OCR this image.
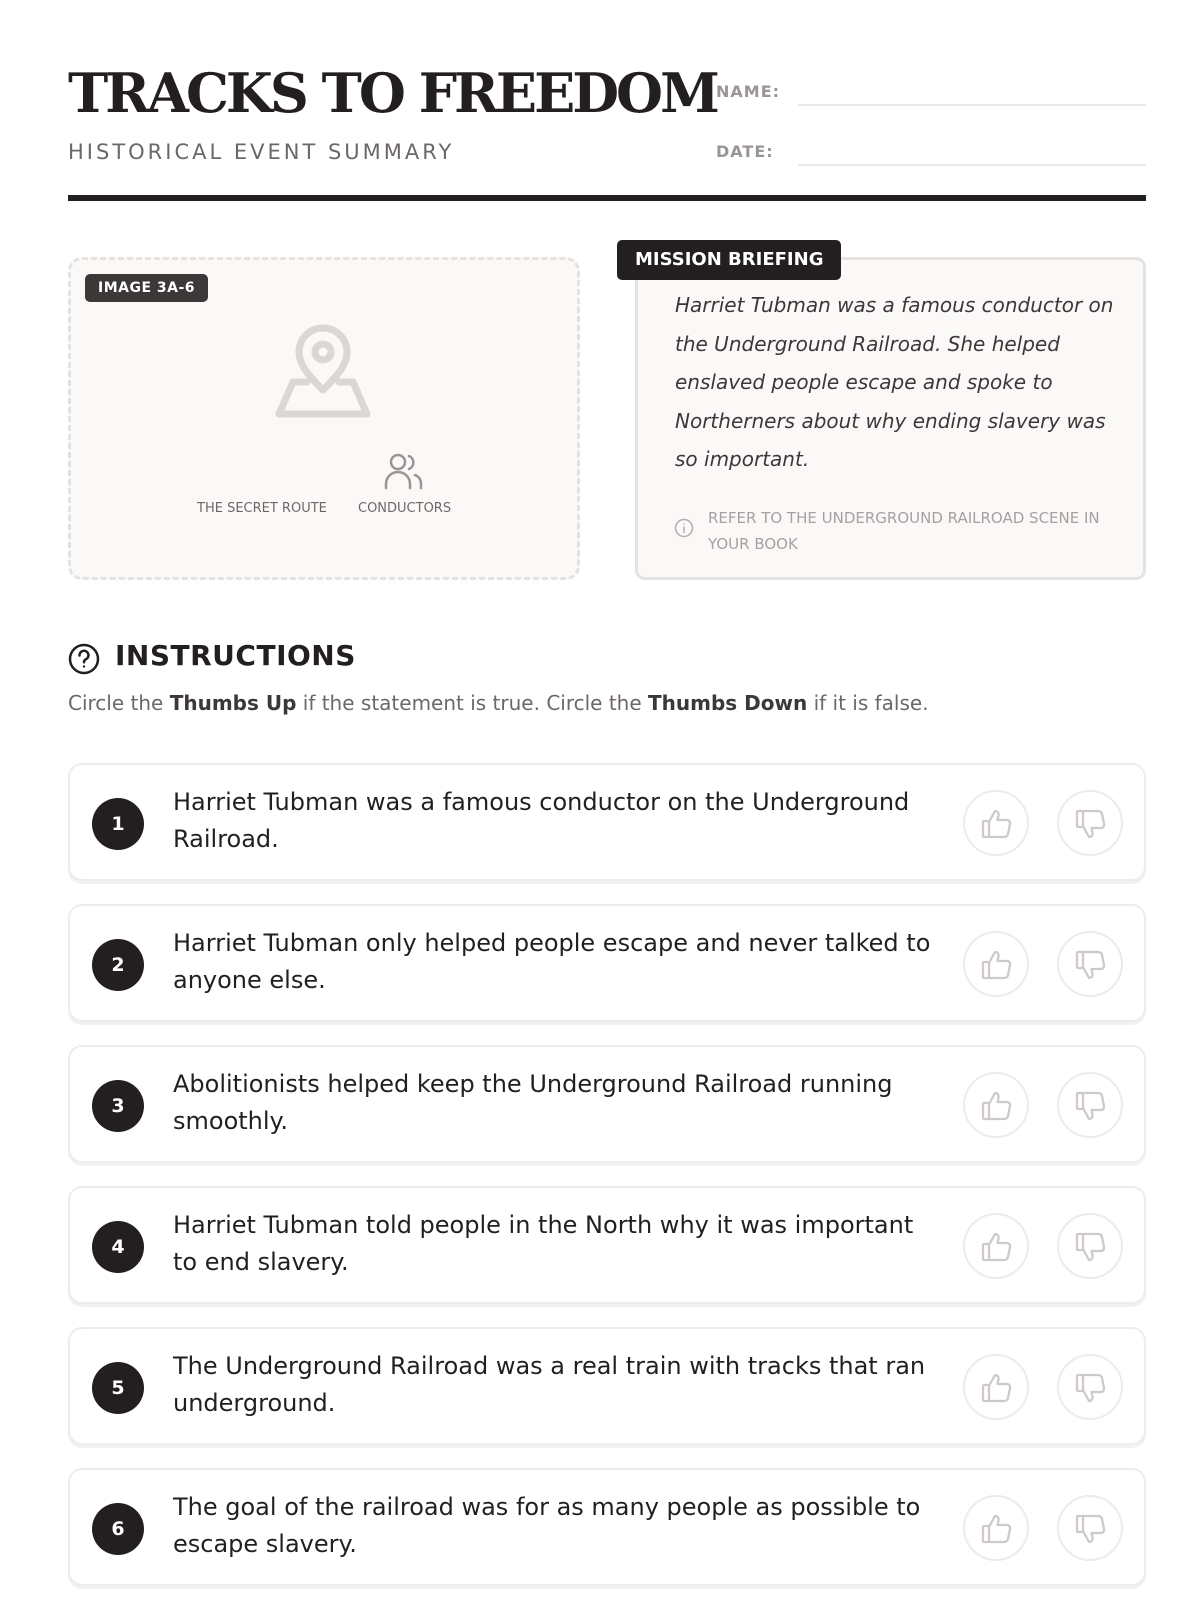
TRACKS TO FREEDOM
HISTORICAL EVENT SUMMARY
NAME:
DATE:
IMAGE 3A-6
THE SECRET ROUTE CONDUCTORS
Harriet Tubman was a famous conductor on the Underground Railroad. She helped enslaved people escape and spoke to Northerners about why ending slavery was so important.
REFER TO THE UNDERGROUND RAILROAD SCENE IN YOUR BOOK
MISSION BRIEFING
INSTRUCTIONS
Circle the Thumbs Up if the statement is true. Circle the Thumbs Down if it is false.
1
Harriet Tubman was a famous conductor on the Underground Railroad.
2
Harriet Tubman only helped people escape and never talked to anyone else.
3
Abolitionists helped keep the Underground Railroad running smoothly.
4
Harriet Tubman told people in the North why it was important to end slavery.
5
The Underground Railroad was a real train with tracks that ran underground.
6
The goal of the railroad was for as many people as possible to escape slavery.
